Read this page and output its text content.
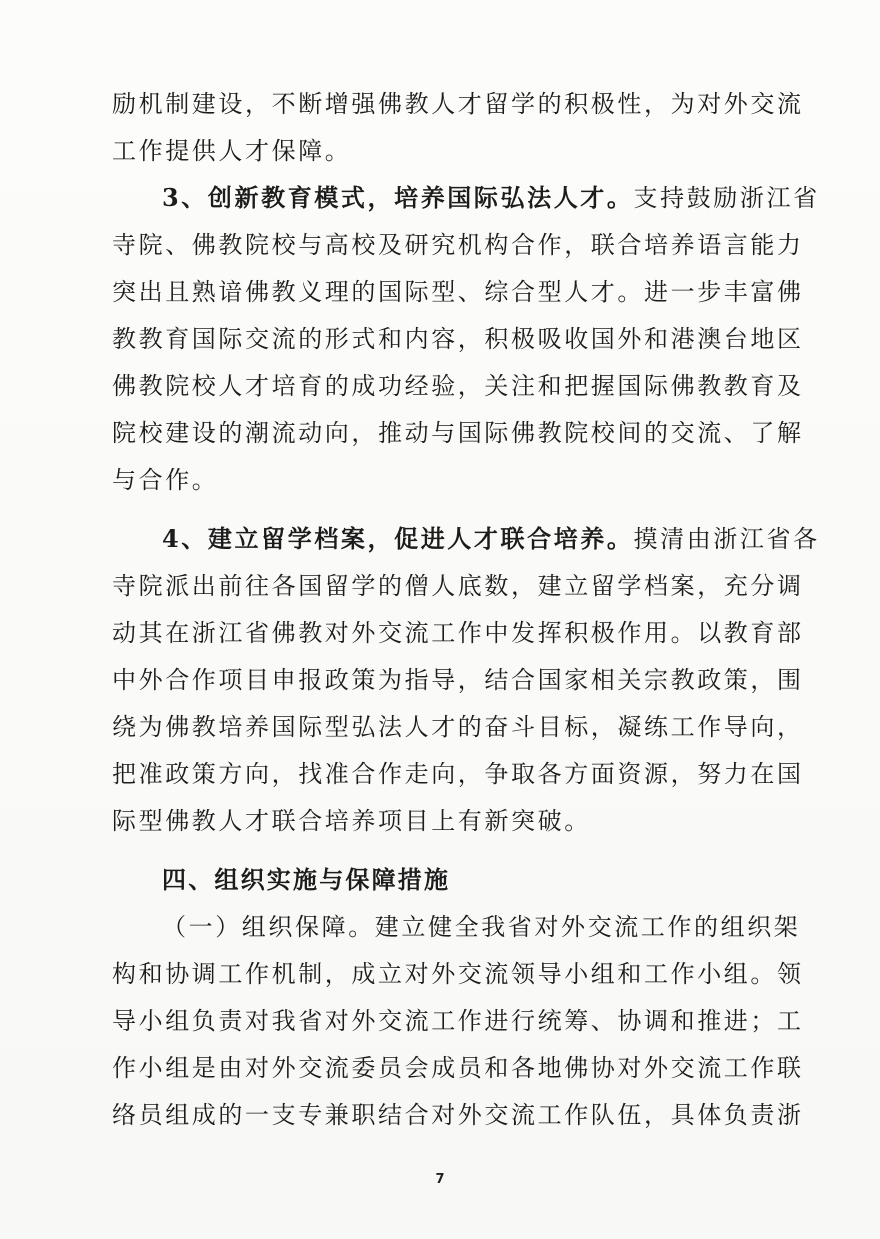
励机制建设，不断增强佛教人才留学的积极性，为对外交流
工作提供人才保障。
3、创新教育模式，培养国际弘法人才。支持鼓励浙江省
寺院、佛教院校与高校及研究机构合作，联合培养语言能力
突出且熟谙佛教义理的国际型、综合型人才。进一步丰富佛
教教育国际交流的形式和内容，积极吸收国外和港澳台地区
佛教院校人才培育的成功经验，关注和把握国际佛教教育及
院校建设的潮流动向，推动与国际佛教院校间的交流、了解
与合作。
4、建立留学档案，促进人才联合培养。摸清由浙江省各
寺院派出前往各国留学的僧人底数，建立留学档案，充分调
动其在浙江省佛教对外交流工作中发挥积极作用。以教育部
中外合作项目申报政策为指导，结合国家相关宗教政策，围
绕为佛教培养国际型弘法人才的奋斗目标，凝练工作导向，
把准政策方向，找准合作走向，争取各方面资源，努力在国
际型佛教人才联合培养项目上有新突破。
四、组织实施与保障措施
（一）组织保障。建立健全我省对外交流工作的组织架
构和协调工作机制，成立对外交流领导小组和工作小组。领
导小组负责对我省对外交流工作进行统筹、协调和推进；工
作小组是由对外交流委员会成员和各地佛协对外交流工作联
络员组成的一支专兼职结合对外交流工作队伍，具体负责浙
7
